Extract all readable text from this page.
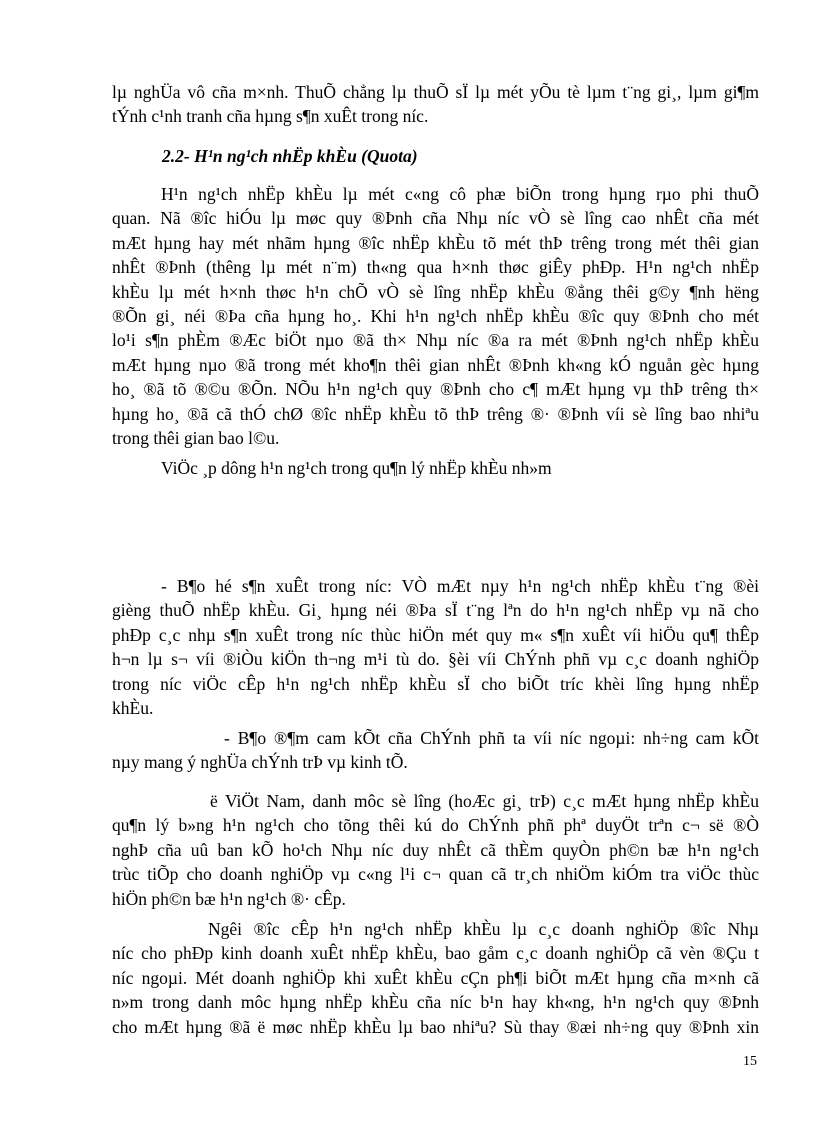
lµ nghÜa vô cña m×nh. ThuÕ chẳng lµ thuÕ sÏ lµ mét yÕu tè lµm t¨ng gi¸, lµm gi¶m
tÝnh c¹nh tranh cña hµng s¶n xuÊt trong níc.

2.2- H¹n ng¹ch nhËp khÈu (Quota)

H¹n ng¹ch nhËp khÈu lµ mét c«ng cô phæ biÕn trong hµng rµo phi thuÕ
quan. Nã ®îc hiÓu lµ møc quy ®Þnh cña Nhµ níc vÒ sè lîng cao nhÊt cña mét
mÆt hµng hay mét nhãm hµng ®îc nhËp khÈu tõ mét thÞ trêng trong mét thêi gian
nhÊt ®Þnh (thêng lµ mét n¨m) th«ng qua h×nh thøc giÊy phÐp. H¹n ng¹ch nhËp
khÈu lµ mét h×nh thøc h¹n chÕ vÒ sè lîng nhËp khÈu ®ẳng thêi g©y ¶nh hëng
®Õn gi¸ néi ®Þa cña hµng ho¸. Khi h¹n ng¹ch nhËp khÈu ®îc quy ®Þnh cho mét
lo¹i s¶n phÈm ®Æc biÖt nµo ®ã th× Nhµ níc ®a ra mét ®Þnh ng¹ch nhËp khÈu
mÆt hµng nµo ®ã trong mét kho¶n thêi gian nhÊt ®Þnh kh«ng kÓ nguån gèc hµng
ho¸ ®ã tõ ®©u ®Õn. NÕu h¹n ng¹ch quy ®Þnh cho c¶ mÆt hµng vµ thÞ trêng th×
hµng ho¸ ®ã cã thÓ chØ ®îc nhËp khÈu tõ thÞ trêng ®· ®Þnh víi sè lîng bao nhiªu
trong thêi gian bao l©u.
ViÖc ¸p dông h¹n ng¹ch trong qu¶n lý nhËp khÈu nh»m
- B¶o hé s¶n xuÊt trong níc: VÒ mÆt nµy h¹n ng¹ch nhËp khÈu t¨ng ®èi
gièng thuÕ nhËp khÈu. Gi¸ hµng néi ®Þa sÏ t¨ng lªn do h¹n ng¹ch nhËp vµ nã cho
phÐp c¸c nhµ s¶n xuÊt trong níc thùc hiÖn mét quy m« s¶n xuÊt víi hiÖu qu¶ thÊp
h¬n lµ s¬ víi ®iÒu kiÖn th¬ng m¹i tù do. §èi víi ChÝnh phñ vµ c¸c doanh nghiÖp
trong níc viÖc cÊp h¹n ng¹ch nhËp khÈu sÏ cho biÕt tríc khèi lîng hµng nhËp
khÈu.
- B¶o ®¶m cam kÕt cña ChÝnh phñ ta víi níc ngoµi: nh÷ng cam kÕt
nµy mang ý nghÜa chÝnh trÞ vµ kinh tÕ.
ë ViÖt Nam, danh môc sè lîng (hoÆc gi¸ trÞ) c¸c mÆt hµng nhËp khÈu
qu¶n lý b»ng h¹n ng¹ch cho tõng thêi kú do ChÝnh phñ phª duyÖt trªn c¬ së ®Ò
nghÞ cña uû ban kÕ ho¹ch Nhµ níc duy nhÊt cã thÈm quyÒn ph©n bæ h¹n ng¹ch
trùc tiÕp cho doanh nghiÖp vµ c«ng l¹i c¬ quan cã tr¸ch nhiÖm kiÓm tra viÖc thùc
hiÖn ph©n bæ h¹n ng¹ch ®· cÊp.
Ngêi ®îc cÊp h¹n ng¹ch nhËp khÈu lµ c¸c doanh nghiÖp ®îc Nhµ
níc cho phÐp kinh doanh xuÊt nhËp khÈu, bao gåm c¸c doanh nghiÖp cã vèn ®Çu t
níc ngoµi. Mét doanh nghiÖp khi xuÊt khÈu cÇn ph¶i biÕt mÆt hµng cña m×nh cã
n»m trong danh môc hµng nhËp khÈu cña níc b¹n hay kh«ng, h¹n ng¹ch quy ®Þnh
cho mÆt hµng ®ã ë møc nhËp khÈu lµ bao nhiªu? Sù thay ®æi nh÷ng quy ®Þnh xin

15
